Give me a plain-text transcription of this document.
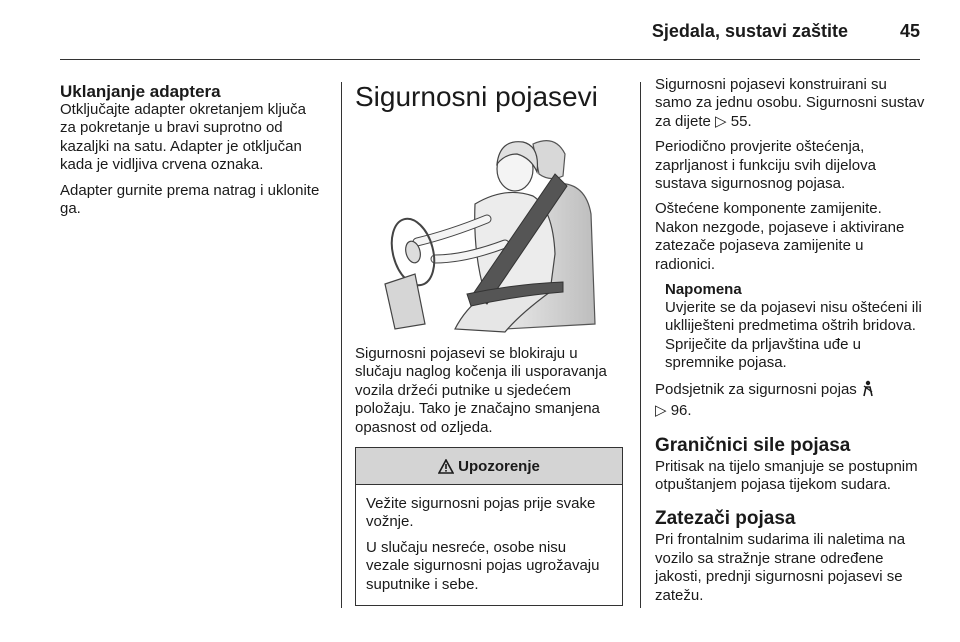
Sjedala, sustavi zaštite	45
Uklanjanje adaptera

Otključajte adapter okretanjem ključa za pokretanje u bravi suprotno od kazaljki na satu. Adapter je otključan kada je vidljiva crvena oznaka.

Adapter gurnite prema natrag i uklonite ga.

Sigurnosni pojasevi

Sigurnosni pojasevi se blokiraju u slučaju naglog kočenja ili usporavanja vozila držeći putnike u sjedećem položaju. Tako je značajno smanjena opasnost od ozljeda.

Upozorenje

Vežite sigurnosni pojas prije svake vožnje.

U slučaju nesreće, osobe nisu vezale sigurnosni pojas ugrožavaju suputnike i sebe.

Sigurnosni pojasevi konstruirani su samo za jednu osobu. Sigurnosni sustav za dijete ▷ 55.

Periodično provjerite oštećenja, zaprljanost i funkciju svih dijelova sustava sigurnosnog pojasa.

Oštećene komponente zamijenite. Nakon nezgode, pojaseve i aktivirane zatezače pojaseva zamijenite u radionici.

Napomena

Uvjerite se da pojasevi nisu oštećeni ili uklliješteni predmetima oštrih bridova. Spriječite da prljavština uđe u spremnike pojasa.

Podsjetnik za sigurnosni pojas
▷ 96.

Graničnici sile pojasa

Pritisak na tijelo smanjuje se postupnim otpuštanjem pojasa tijekom sudara.

Zatezači pojasa

Pri frontalnim sudarima ili naletima na vozilo sa stražnje strane određene jakosti, prednji sigurnosni pojasevi se zatežu.
